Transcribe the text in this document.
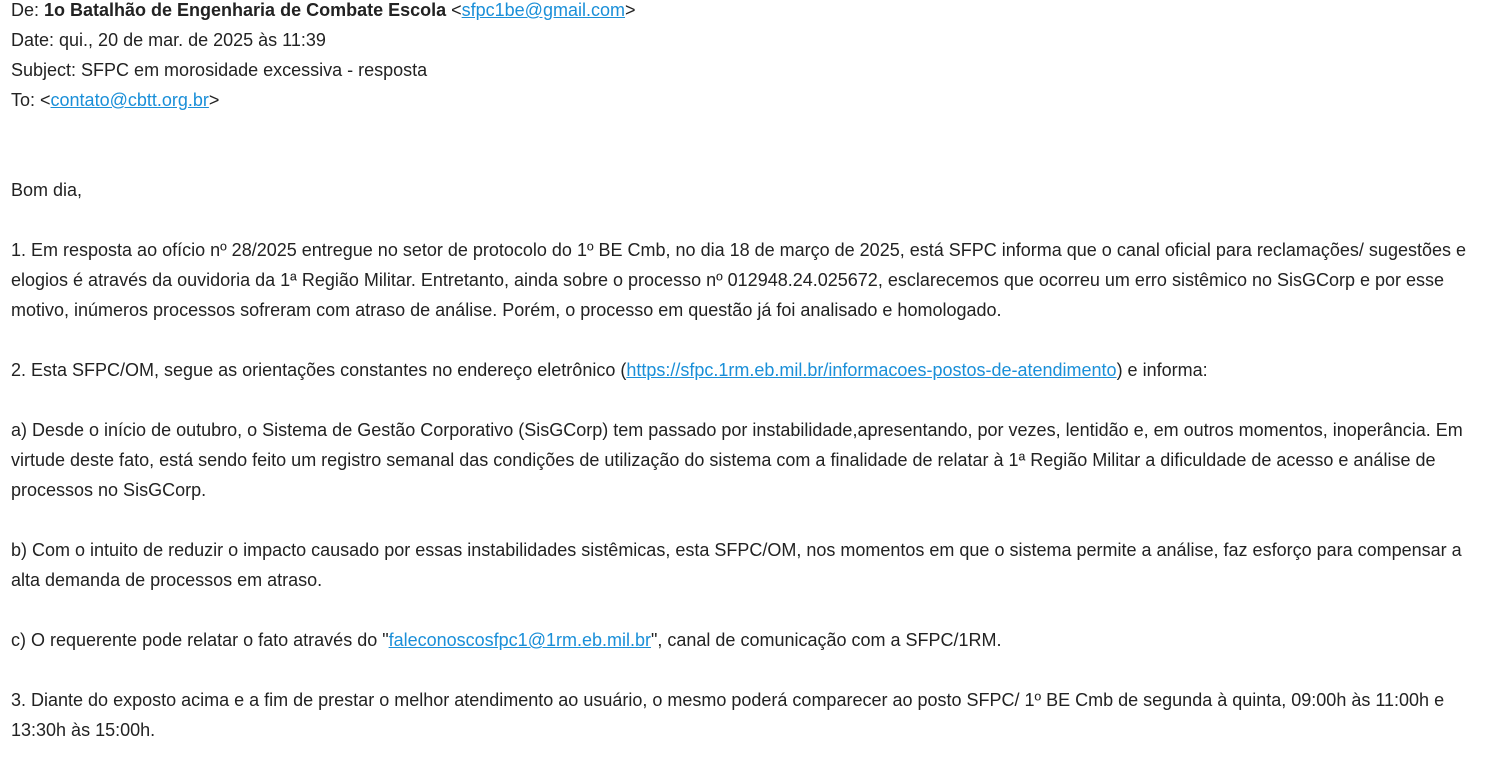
De: 1o Batalhão de Engenharia de Combate Escola <sfpc1be@gmail.com>

Date: qui., 20 de mar. de 2025 às 11:39

Subject: SFPC em morosidade excessiva - resposta

To: <contato@cbtt.org.br>

Bom dia,

1. Em resposta ao ofício nº 28/2025 entregue no setor de protocolo do 1º BE Cmb, no dia 18 de março de 2025, está SFPC informa que o canal oficial para reclamações/ sugestões e elogios é através da ouvidoria da 1ª Região Militar. Entretanto, ainda sobre o processo nº 012948.24.025672, esclarecemos que ocorreu um erro sistêmico no SisGCorp e por esse motivo, inúmeros processos sofreram com atraso de análise. Porém, o processo em questão já foi analisado e homologado.

2. Esta SFPC/OM, segue as orientações constantes no endereço eletrônico (https://sfpc.1rm.eb.mil.br/informacoes-postos-de-atendimento) e informa:

a) Desde o início de outubro, o Sistema de Gestão Corporativo (SisGCorp) tem passado por instabilidade,apresentando, por vezes, lentidão e, em outros momentos, inoperância. Em virtude deste fato, está sendo feito um registro semanal das condições de utilização do sistema com a finalidade de relatar à 1ª Região Militar a dificuldade de acesso e análise de processos no SisGCorp.

b) Com o intuito de reduzir o impacto causado por essas instabilidades sistêmicas, esta SFPC/OM, nos momentos em que o sistema permite a análise, faz esforço para compensar a alta demanda de processos em atraso.

c) O requerente pode relatar o fato através do "faleconoscosfpc1@1rm.eb.mil.br", canal de comunicação com a SFPC/1RM.

3. Diante do exposto acima e a fim de prestar o melhor atendimento ao usuário, o mesmo poderá comparecer ao posto SFPC/ 1º BE Cmb de segunda à quinta, 09:00h às 11:00h e 13:30h às 15:00h.
